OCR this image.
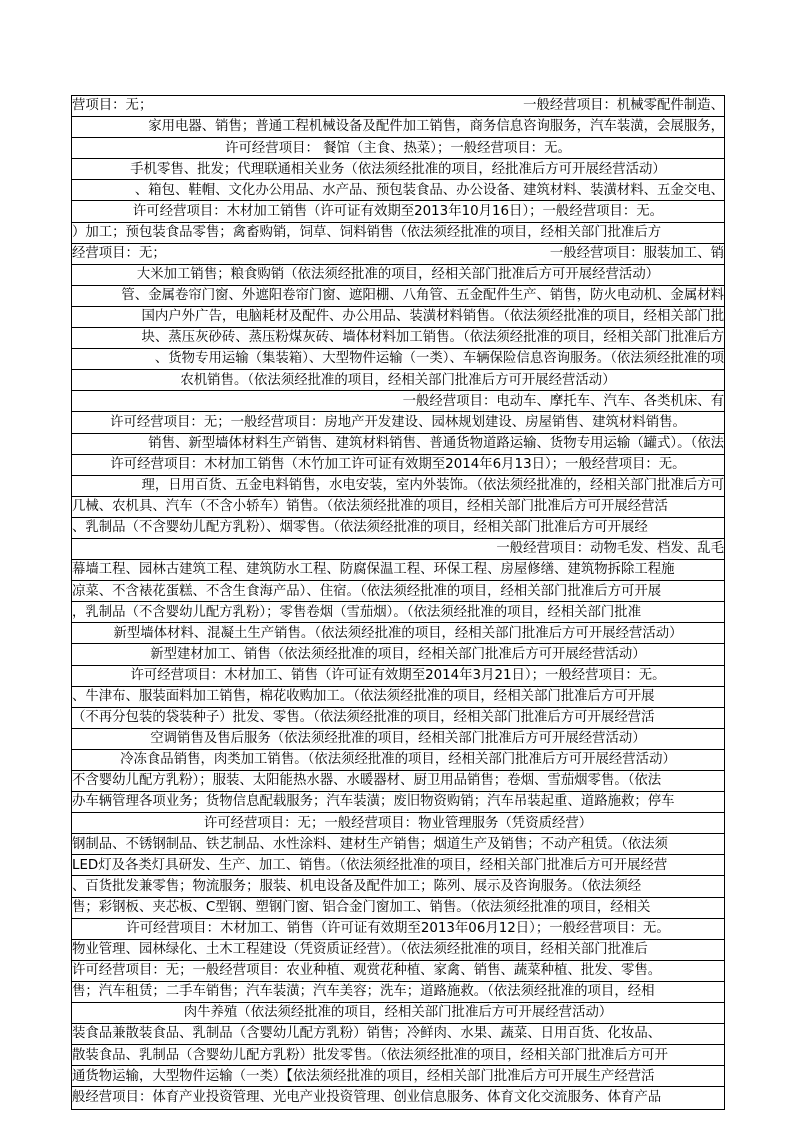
营项目：无；	一般经营项目：机械零配件制造、
家用电器、销售；普通工程机械设备及配件加工销售，商务信息咨询服务，汽车装潢，会展服务，
许可经营项目： 餐馆（主食、热菜）；一般经营项目：无。
手机零售、批发；代理联通相关业务（依法须经批准的项目，经批准后方可开展经营活动）
、箱包、鞋帽、文化办公用品、水产品、预包装食品、办公设备、建筑材料、装潢材料、五金交电、
许可经营项目：木材加工销售（许可证有效期至2013年10月16日）；一般经营项目：无。
）加工；预包装食品零售；禽畜购销，饲草、饲料销售（依法须经批准的项目，经相关部门批准后方
经营项目：无；	一般经营项目：服装加工、销
大米加工销售；粮食购销（依法须经批准的项目，经相关部门批准后方可开展经营活动）
管、金属卷帘门窗、外遮阳卷帘门窗、遮阳棚、八角管、五金配件生产、销售，防火电动机、金属材料
国内户外广告，电脑耗材及配件、办公用品、装潢材料销售。（依法须经批准的项目，经相关部门批
块、蒸压灰砂砖、蒸压粉煤灰砖、墙体材料加工销售。（依法须经批准的项目，经相关部门批准后方
、货物专用运输（集装箱）、大型物件运输（一类）、车辆保险信息咨询服务。（依法须经批准的项
农机销售。（依法须经批准的项目，经相关部门批准后方可开展经营活动）
一般经营项目：电动车、摩托车、汽车、各类机床、有
许可经营项目：无；一般经营项目：房地产开发建设、园林规划建设、房屋销售、建筑材料销售。
销售、新型墙体材料生产销售、建筑材料销售、普通货物道路运输、货物专用运输（罐式）。（依法
许可经营项目：木材加工销售（木竹加工许可证有效期至2014年6月13日）；一般经营项目：无。
理，日用百货、五金电料销售，水电安装，室内外装饰。（依法须经批准的，经相关部门批准后方可
几械、农机具、汽车（不含小轿车）销售。（依法须经批准的项目，经相关部门批准后方可开展经营活
、乳制品（不含婴幼儿配方乳粉）、烟零售。（依法须经批准的项目，经相关部门批准后方可开展经
一般经营项目：动物毛发、档发、乱毛
幕墙工程、园林古建筑工程、建筑防水工程、防腐保温工程、环保工程、房屋修缮、建筑物拆除工程施
凉菜、不含裱花蛋糕、不含生食海产品）、住宿。（依法须经批准的项目，经相关部门批准后方可开展
，乳制品（不含婴幼儿配方乳粉）；零售卷烟（雪茄烟）。（依法须经批准的项目，经相关部门批准
新型墙体材料、混凝土生产销售。（依法须经批准的项目，经相关部门批准后方可开展经营活动）
新型建材加工、销售（依法须经批准的项目，经相关部门批准后方可开展经营活动）
许可经营项目：木材加工、销售（许可证有效期至2014年3月21日）；一般经营项目：无。
、牛津布、服装面料加工销售，棉花收购加工。（依法须经批准的项目，经相关部门批准后方可开展
（不再分包装的袋装种子）批发、零售。（依法须经批准的项目，经相关部门批准后方可开展经营活
空调销售及售后服务（依法须经批准的项目，经相关部门批准后方可开展经营活动）
冷冻食品销售，肉类加工销售。（依法须经批准的项目，经相关部门批准后方可开展经营活动）
不含婴幼儿配方乳粉）；服装、太阳能热水器、水暖器材、厨卫用品销售；卷烟、雪茄烟零售。（依法
办车辆管理各项业务；货物信息配载服务；汽车装潢；废旧物资购销；汽车吊装起重、道路施救；停车
许可经营项目：无；一般经营项目：物业管理服务（凭资质经营）
钢制品、不锈钢制品、铁艺制品、水性涂料、建材生产销售；烟道生产及销售；不动产租赁。（依法须
LED灯及各类灯具研发、生产、加工、销售。（依法须经批准的项目，经相关部门批准后方可开展经营
、百货批发兼零售；物流服务；服装、机电设备及配件加工；陈列、展示及咨询服务。（依法须经
售；彩钢板、夹芯板、C型钢、塑钢门窗、铝合金门窗加工、销售。（依法须经批准的项目，经相关
许可经营项目：木材加工、销售（许可证有效期至2013年06月12日）；一般经营项目：无。
物业管理、园林绿化、土木工程建设（凭资质证经营）。（依法须经批准的项目，经相关部门批准后
许可经营项目：无；一般经营项目：农业种植、观赏花种植、家禽、销售、蔬菜种植、批发、零售。
售；汽车租赁；二手车销售；汽车装潢；汽车美容；洗车；道路施救。（依法须经批准的项目，经相
肉牛养殖（依法须经批准的项目，经相关部门批准后方可开展经营活动）
装食品兼散装食品、乳制品（含婴幼儿配方乳粉）销售；冷鲜肉、水果、蔬菜、日用百货、化妆品、
散装食品、乳制品（含婴幼儿配方乳粉）批发零售。（依法须经批准的项目，经相关部门批准后方可开
通货物运输，大型物件运输（一类）【依法须经批准的项目，经相关部门批准后方可开展生产经营活
般经营项目：体育产业投资管理、光电产业投资管理、创业信息服务、体育文化交流服务、体育产品
